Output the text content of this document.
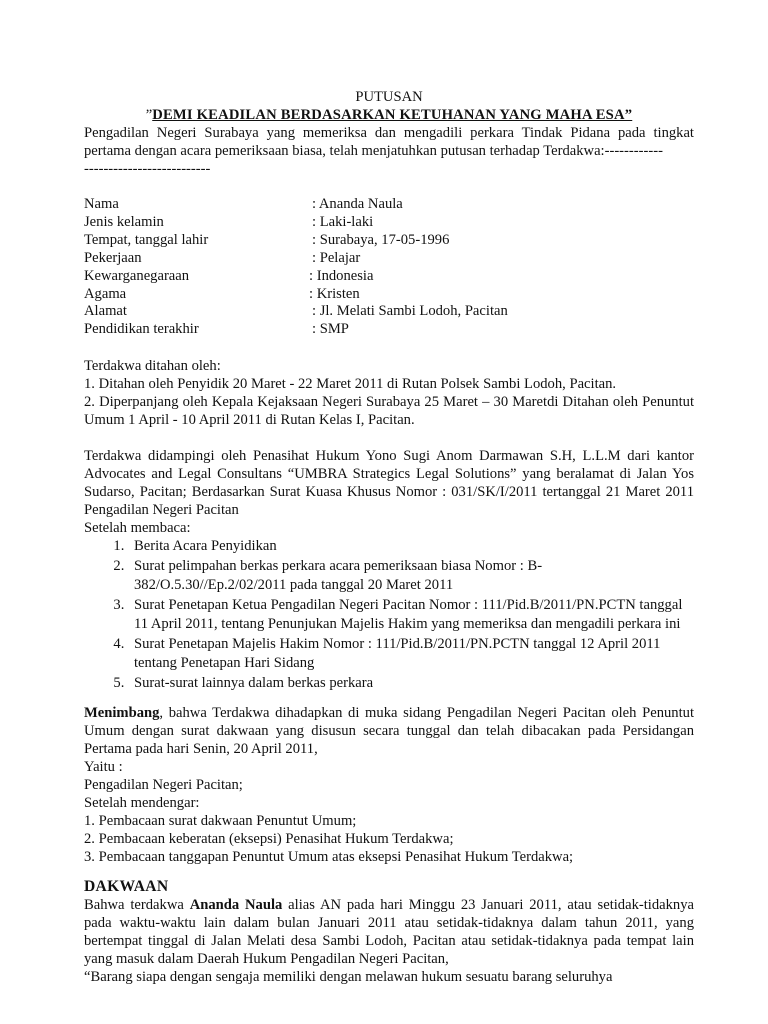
PUTUSAN
”DEMI KEADILAN BERDASARKAN KETUHANAN YANG MAHA ESA”

Pengadilan Negeri Surabaya yang memeriksa dan mengadili perkara Tindak Pidana pada tingkat pertama dengan acara pemeriksaan biasa, telah menjatuhkan putusan terhadap Terdakwa:------------

--------------------------

Nama	: Ananda Naula
Jenis kelamin	: Laki-laki
Tempat, tanggal lahir	: Surabaya, 17-05-1996
Pekerjaan	: Pelajar
Kewarganegaraan	: Indonesia
Agama	: Kristen
Alamat	: Jl. Melati Sambi Lodoh, Pacitan
Pendidikan terakhir	: SMP

Terdakwa ditahan oleh:

1. Ditahan oleh Penyidik 20 Maret - 22 Maret 2011 di Rutan Polsek Sambi Lodoh, Pacitan.

2. Diperpanjang oleh Kepala Kejaksaan Negeri Surabaya 25 Maret – 30 Maretdi Ditahan oleh Penuntut Umum 1 April - 10 April 2011 di Rutan Kelas I, Pacitan.

Terdakwa didampingi oleh Penasihat Hukum Yono Sugi Anom Darmawan S.H, L.L.M dari kantor Advocates and Legal Consultans “UMBRA Strategics Legal Solutions” yang beralamat di Jalan Yos Sudarso, Pacitan; Berdasarkan Surat Kuasa Khusus Nomor : 031/SK/I/2011 tertanggal 21 Maret 2011 Pengadilan Negeri Pacitan

Setelah membaca:

1. Berita Acara Penyidikan
2. Surat pelimpahan berkas perkara acara pemeriksaan biasa Nomor : B-382/O.5.30//Ep.2/02/2011 pada tanggal 20 Maret 2011
3. Surat Penetapan Ketua Pengadilan Negeri Pacitan Nomor : 111/Pid.B/2011/PN.PCTN tanggal 11 April 2011, tentang Penunjukan Majelis Hakim yang memeriksa dan mengadili perkara ini
4. Surat Penetapan Majelis Hakim Nomor : 111/Pid.B/2011/PN.PCTN tanggal 12 April 2011 tentang Penetapan Hari Sidang
5. Surat-surat lainnya dalam berkas perkara

Menimbang, bahwa Terdakwa dihadapkan di muka sidang Pengadilan Negeri Pacitan oleh Penuntut Umum dengan surat dakwaan yang disusun secara tunggal dan telah dibacakan pada Persidangan Pertama pada hari Senin, 20 April 2011,

Yaitu :

Pengadilan Negeri Pacitan;

Setelah mendengar:

1. Pembacaan surat dakwaan Penuntut Umum;

2. Pembacaan keberatan (eksepsi) Penasihat Hukum Terdakwa;

3. Pembacaan tanggapan Penuntut Umum atas eksepsi Penasihat Hukum Terdakwa;

DAKWAAN

Bahwa terdakwa Ananda Naula alias AN pada hari Minggu 23 Januari 2011, atau setidak-tidaknya pada waktu-waktu lain dalam bulan Januari 2011 atau setidak-tidaknya dalam tahun 2011, yang bertempat tinggal di Jalan Melati desa Sambi Lodoh, Pacitan atau setidak-tidaknya pada tempat lain yang masuk dalam Daerah Hukum Pengadilan Negeri Pacitan,

“Barang siapa dengan sengaja memiliki dengan melawan hukum sesuatu barang seluruhya
